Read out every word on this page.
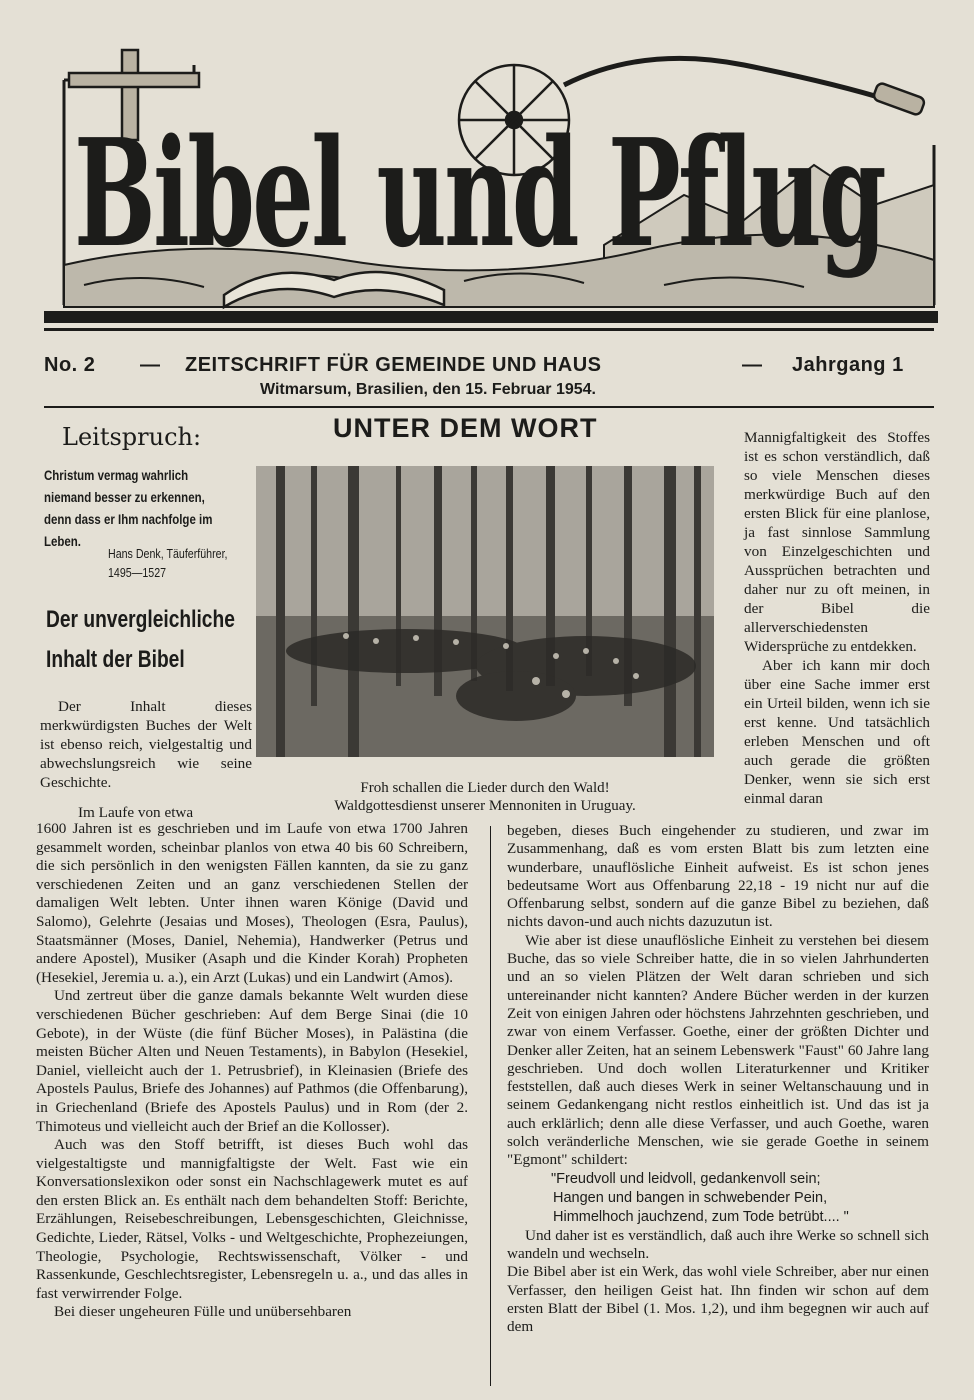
Bibel und Pflug
No. 2 — ZEITSCHRIFT FÜR GEMEINDE UND HAUS	— Jahrgang 1
Witmarsum, Brasilien, den 15. Februar 1954.
Leitspruch:
Christum vermag wahrlich niemand besser zu erkennen, denn dass er Ihm nachfolge im Leben.
Hans Denk, Täuferführer, 1495—1527
Der unvergleichliche Inhalt der Bibel

Der Inhalt dieses merkwürdigsten Buches der Welt ist ebenso reich, vielgestaltig und abwechslungsreich wie seine Geschichte.

Im Laufe von etwa
UNTER DEM WORT
Froh schallen die Lieder durch den Wald!
Waldgottesdienst unserer Mennoniten in Uruguay.

Mannigfaltigkeit des Stoffes ist es schon verständlich, daß so viele Menschen dieses merkwürdige Buch auf den ersten Blick für eine planlose, ja fast sinnlose Sammlung von Einzelgeschichten und Aussprüchen betrachten und daher nur zu oft meinen, in der Bibel die allerverschiedensten Widersprüche zu entdekken.

Aber ich kann mir doch über eine Sache immer erst ein Urteil bilden, wenn ich sie erst kenne. Und tatsächlich erleben Menschen und oft auch gerade die größten Denker, wenn sie sich erst einmal daran

1600 Jahren ist es geschrieben und im Laufe von etwa 1700 Jahren gesammelt worden, scheinbar planlos von etwa 40 bis 60 Schreibern, die sich persönlich in den wenigsten Fällen kannten, da sie zu ganz verschiedenen Zeiten und an ganz verschiedenen Stellen der damaligen Welt lebten. Unter ihnen waren Könige (David und Salomo), Gelehrte (Jesaias und Moses), Theologen (Esra, Paulus), Staatsmänner (Moses, Daniel, Nehemia), Handwerker (Petrus und andere Apostel), Musiker (Asaph und die Kinder Korah) Propheten (Hesekiel, Jeremia u. a.), ein Arzt (Lukas) und ein Landwirt (Amos).

Und zertreut über die ganze damals bekannte Welt wurden diese verschiedenen Bücher geschrieben: Auf dem Berge Sinai (die 10 Gebote), in der Wüste (die fünf Bücher Moses), in Palästina (die meisten Bücher Alten und Neuen Testaments), in Babylon (Hesekiel, Daniel, vielleicht auch der 1. Petrusbrief), in Kleinasien (Briefe des Apostels Paulus, Briefe des Johannes) auf Pathmos (die Offenbarung), in Griechenland (Briefe des Apostels Paulus) und in Rom (der 2. Thimoteus und vielleicht auch der Brief an die Kollosser).

Auch was den Stoff betrifft, ist dieses Buch wohl das vielgestaltigste und mannigfaltigste der Welt. Fast wie ein Konversationslexikon oder sonst ein Nachschlagewerk mutet es auf den ersten Blick an. Es enthält nach dem behandelten Stoff: Berichte, Erzählungen, Reisebeschreibungen, Lebensgeschichten, Gleichnisse, Gedichte, Lieder, Rätsel, Volks - und Weltgeschichte, Prophezeiungen, Theologie, Psychologie, Rechtswissenschaft, Völker - und Rassenkunde, Geschlechtsregister, Lebensregeln u. a., und das alles in fast verwirrender Folge.

Bei dieser ungeheuren Fülle und unübersehbaren

begeben, dieses Buch eingehender zu studieren, und zwar im Zusammenhang, daß es vom ersten Blatt bis zum letzten eine wunderbare, unauflösliche Einheit aufweist. Es ist schon jenes bedeutsame Wort aus Offenbarung 22,18 - 19 nicht nur auf die Offenbarung selbst, sondern auf die ganze Bibel zu beziehen, daß nichts davon-und auch nichts dazuzutun ist.

Wie aber ist diese unauflösliche Einheit zu verstehen bei diesem Buche, das so viele Schreiber hatte, die in so vielen Jahrhunderten und an so vielen Plätzen der Welt daran schrieben und sich untereinander nicht kannten? Andere Bücher werden in der kurzen Zeit von einigen Jahren oder höchstens Jahrzehnten geschrieben, und zwar von einem Verfasser. Goethe, einer der größten Dichter und Denker aller Zeiten, hat an seinem Lebenswerk "Faust" 60 Jahre lang geschrieben. Und doch wollen Literaturkenner und Kritiker feststellen, daß auch dieses Werk in seiner Weltanschauung und in seinem Gedankengang nicht restlos einheitlich ist. Und das ist ja auch erklärlich; denn alle diese Verfasser, und auch Goethe, waren solch veränderliche Menschen, wie sie gerade Goethe in seinem "Egmont" schildert:

"Freudvoll und leidvoll, gedankenvoll sein;
Hangen und bangen in schwebender Pein,
Himmelhoch jauchzend, zum Tode betrübt.... "

Und daher ist es verständlich, daß auch ihre Werke so schnell sich wandeln und wechseln.

Die Bibel aber ist ein Werk, das wohl viele Schreiber, aber nur einen Verfasser, den heiligen Geist hat. Ihn finden wir schon auf dem ersten Blatt der Bibel (1. Mos. 1,2), und ihm begegnen wir auch auf dem
